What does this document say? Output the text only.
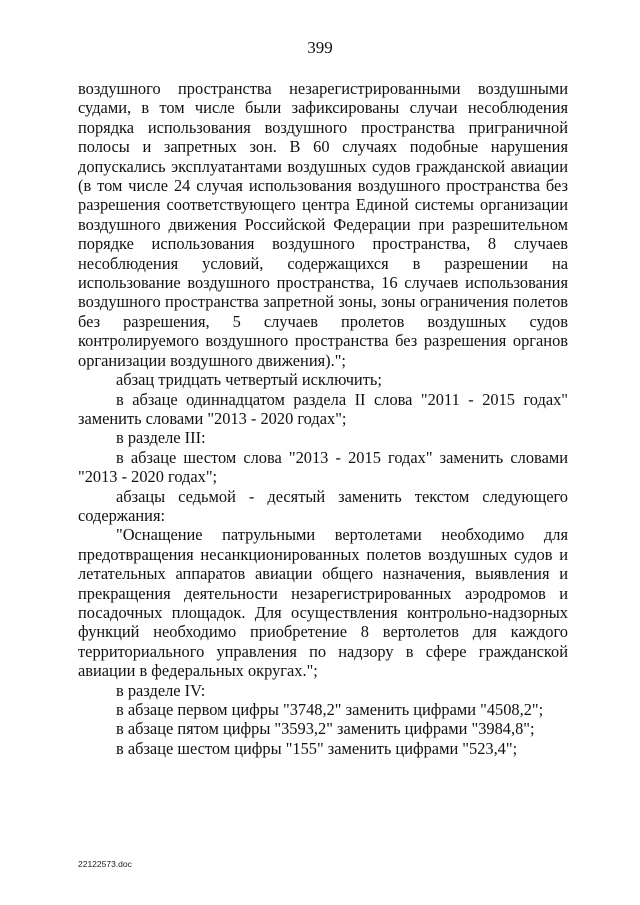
399

воздушного пространства незарегистрированными воздушными судами, в том числе были зафиксированы случаи несоблюдения порядка использования воздушного пространства приграничной полосы и запретных зон. В 60 случаях подобные нарушения допускались эксплуатантами воздушных судов гражданской авиации (в том числе 24 случая использования воздушного пространства без разрешения соответствующего центра Единой системы организации воздушного движения Российской Федерации при разрешительном порядке использования воздушного пространства, 8 случаев несоблюдения условий, содержащихся в разрешении на использование воздушного пространства, 16 случаев использования воздушного пространства запретной зоны, зоны ограничения полетов без разрешения, 5 случаев пролетов воздушных судов контролируемого воздушного пространства без разрешения органов организации воздушного движения).";

абзац тридцать четвертый исключить;

в абзаце одиннадцатом раздела II слова "2011 - 2015 годах" заменить словами "2013 - 2020 годах";

в разделе III:

в абзаце шестом слова "2013 - 2015 годах" заменить словами "2013 - 2020 годах";

абзацы седьмой - десятый заменить текстом следующего содержания:

"Оснащение патрульными вертолетами необходимо для предотвращения несанкционированных полетов воздушных судов и летательных аппаратов авиации общего назначения, выявления и прекращения деятельности незарегистрированных аэродромов и посадочных площадок. Для осуществления контрольно-надзорных функций необходимо приобретение 8 вертолетов для каждого территориального управления по надзору в сфере гражданской авиации в федеральных округах.";

в разделе IV:

в абзаце первом цифры "3748,2" заменить цифрами "4508,2";

в абзаце пятом цифры "3593,2" заменить цифрами "3984,8";

в абзаце шестом цифры "155" заменить цифрами "523,4";

22122573.doc
